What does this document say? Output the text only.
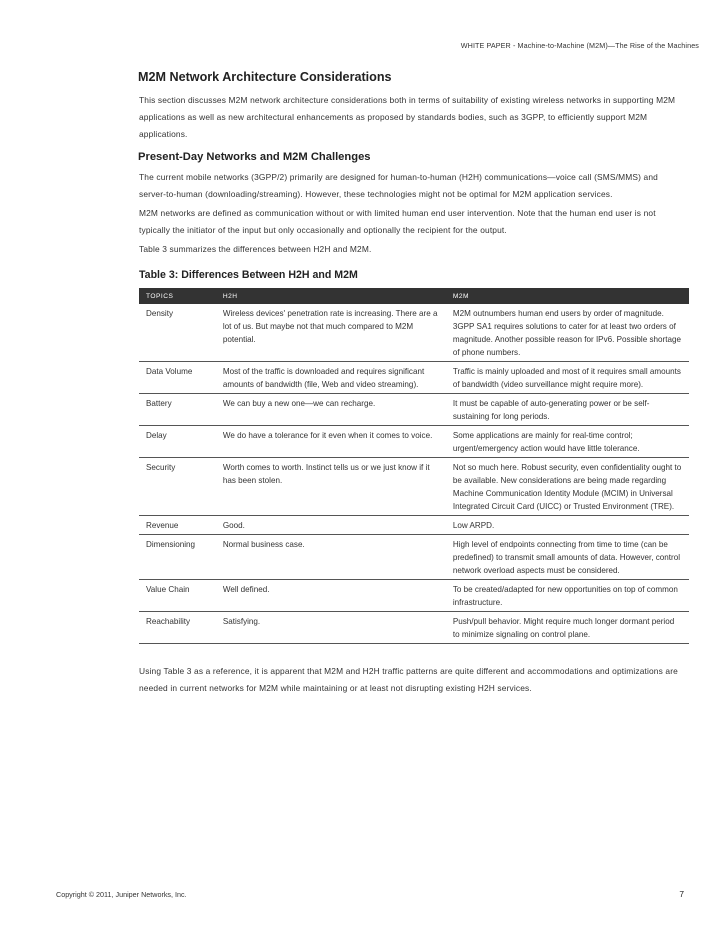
WHITE PAPER - Machine-to-Machine (M2M)—The Rise of the Machines
M2M Network Architecture Considerations

This section discusses M2M network architecture considerations both in terms of suitability of existing wireless networks in supporting M2M applications as well as new architectural enhancements as proposed by standards bodies, such as 3GPP, to efficiently support M2M applications.

Present-Day Networks and M2M Challenges

The current mobile networks (3GPP/2) primarily are designed for human-to-human (H2H) communications—voice call (SMS/MMS) and server-to-human (downloading/streaming). However, these technologies might not be optimal for M2M application services.

M2M networks are defined as communication without or with limited human end user intervention. Note that the human end user is not typically the initiator of the input but only occasionally and optionally the recipient for the output.

Table 3 summarizes the differences between H2H and M2M.

Table 3: Differences Between H2H and M2M
TOPICS	H2H	M2M
Density	Wireless devices' penetration rate is increasing. There are a lot of us. But maybe not that much compared to M2M potential.	M2M outnumbers human end users by order of magnitude. 3GPP SA1 requires solutions to cater for at least two orders of magnitude. Another possible reason for IPv6. Possible shortage of phone numbers.
Data Volume	Most of the traffic is downloaded and requires significant amounts of bandwidth (file, Web and video streaming).	Traffic is mainly uploaded and most of it requires small amounts of bandwidth (video surveillance might require more).
Battery	We can buy a new one—we can recharge.	It must be capable of auto-generating power or be self-sustaining for long periods.
Delay	We do have a tolerance for it even when it comes to voice.	Some applications are mainly for real-time control; urgent/emergency action would have little tolerance.
Security	Worth comes to worth. Instinct tells us or we just know if it has been stolen.	Not so much here. Robust security, even confidentiality ought to be available. New considerations are being made regarding Machine Communication Identity Module (MCIM) in Universal Integrated Circuit Card (UICC) or Trusted Environment (TRE).
Revenue	Good.	Low ARPD.
Dimensioning	Normal business case.	High level of endpoints connecting from time to time (can be predefined) to transmit small amounts of data. However, control network overload aspects must be considered.
Value Chain	Well defined.	To be created/adapted for new opportunities on top of common infrastructure.
Reachability	Satisfying.	Push/pull behavior. Might require much longer dormant period to minimize signaling on control plane.

Using Table 3 as a reference, it is apparent that M2M and H2H traffic patterns are quite different and accommodations and optimizations are needed in current networks for M2M while maintaining or at least not disrupting existing H2H services.

Copyright © 2011, Juniper Networks, Inc.	7
